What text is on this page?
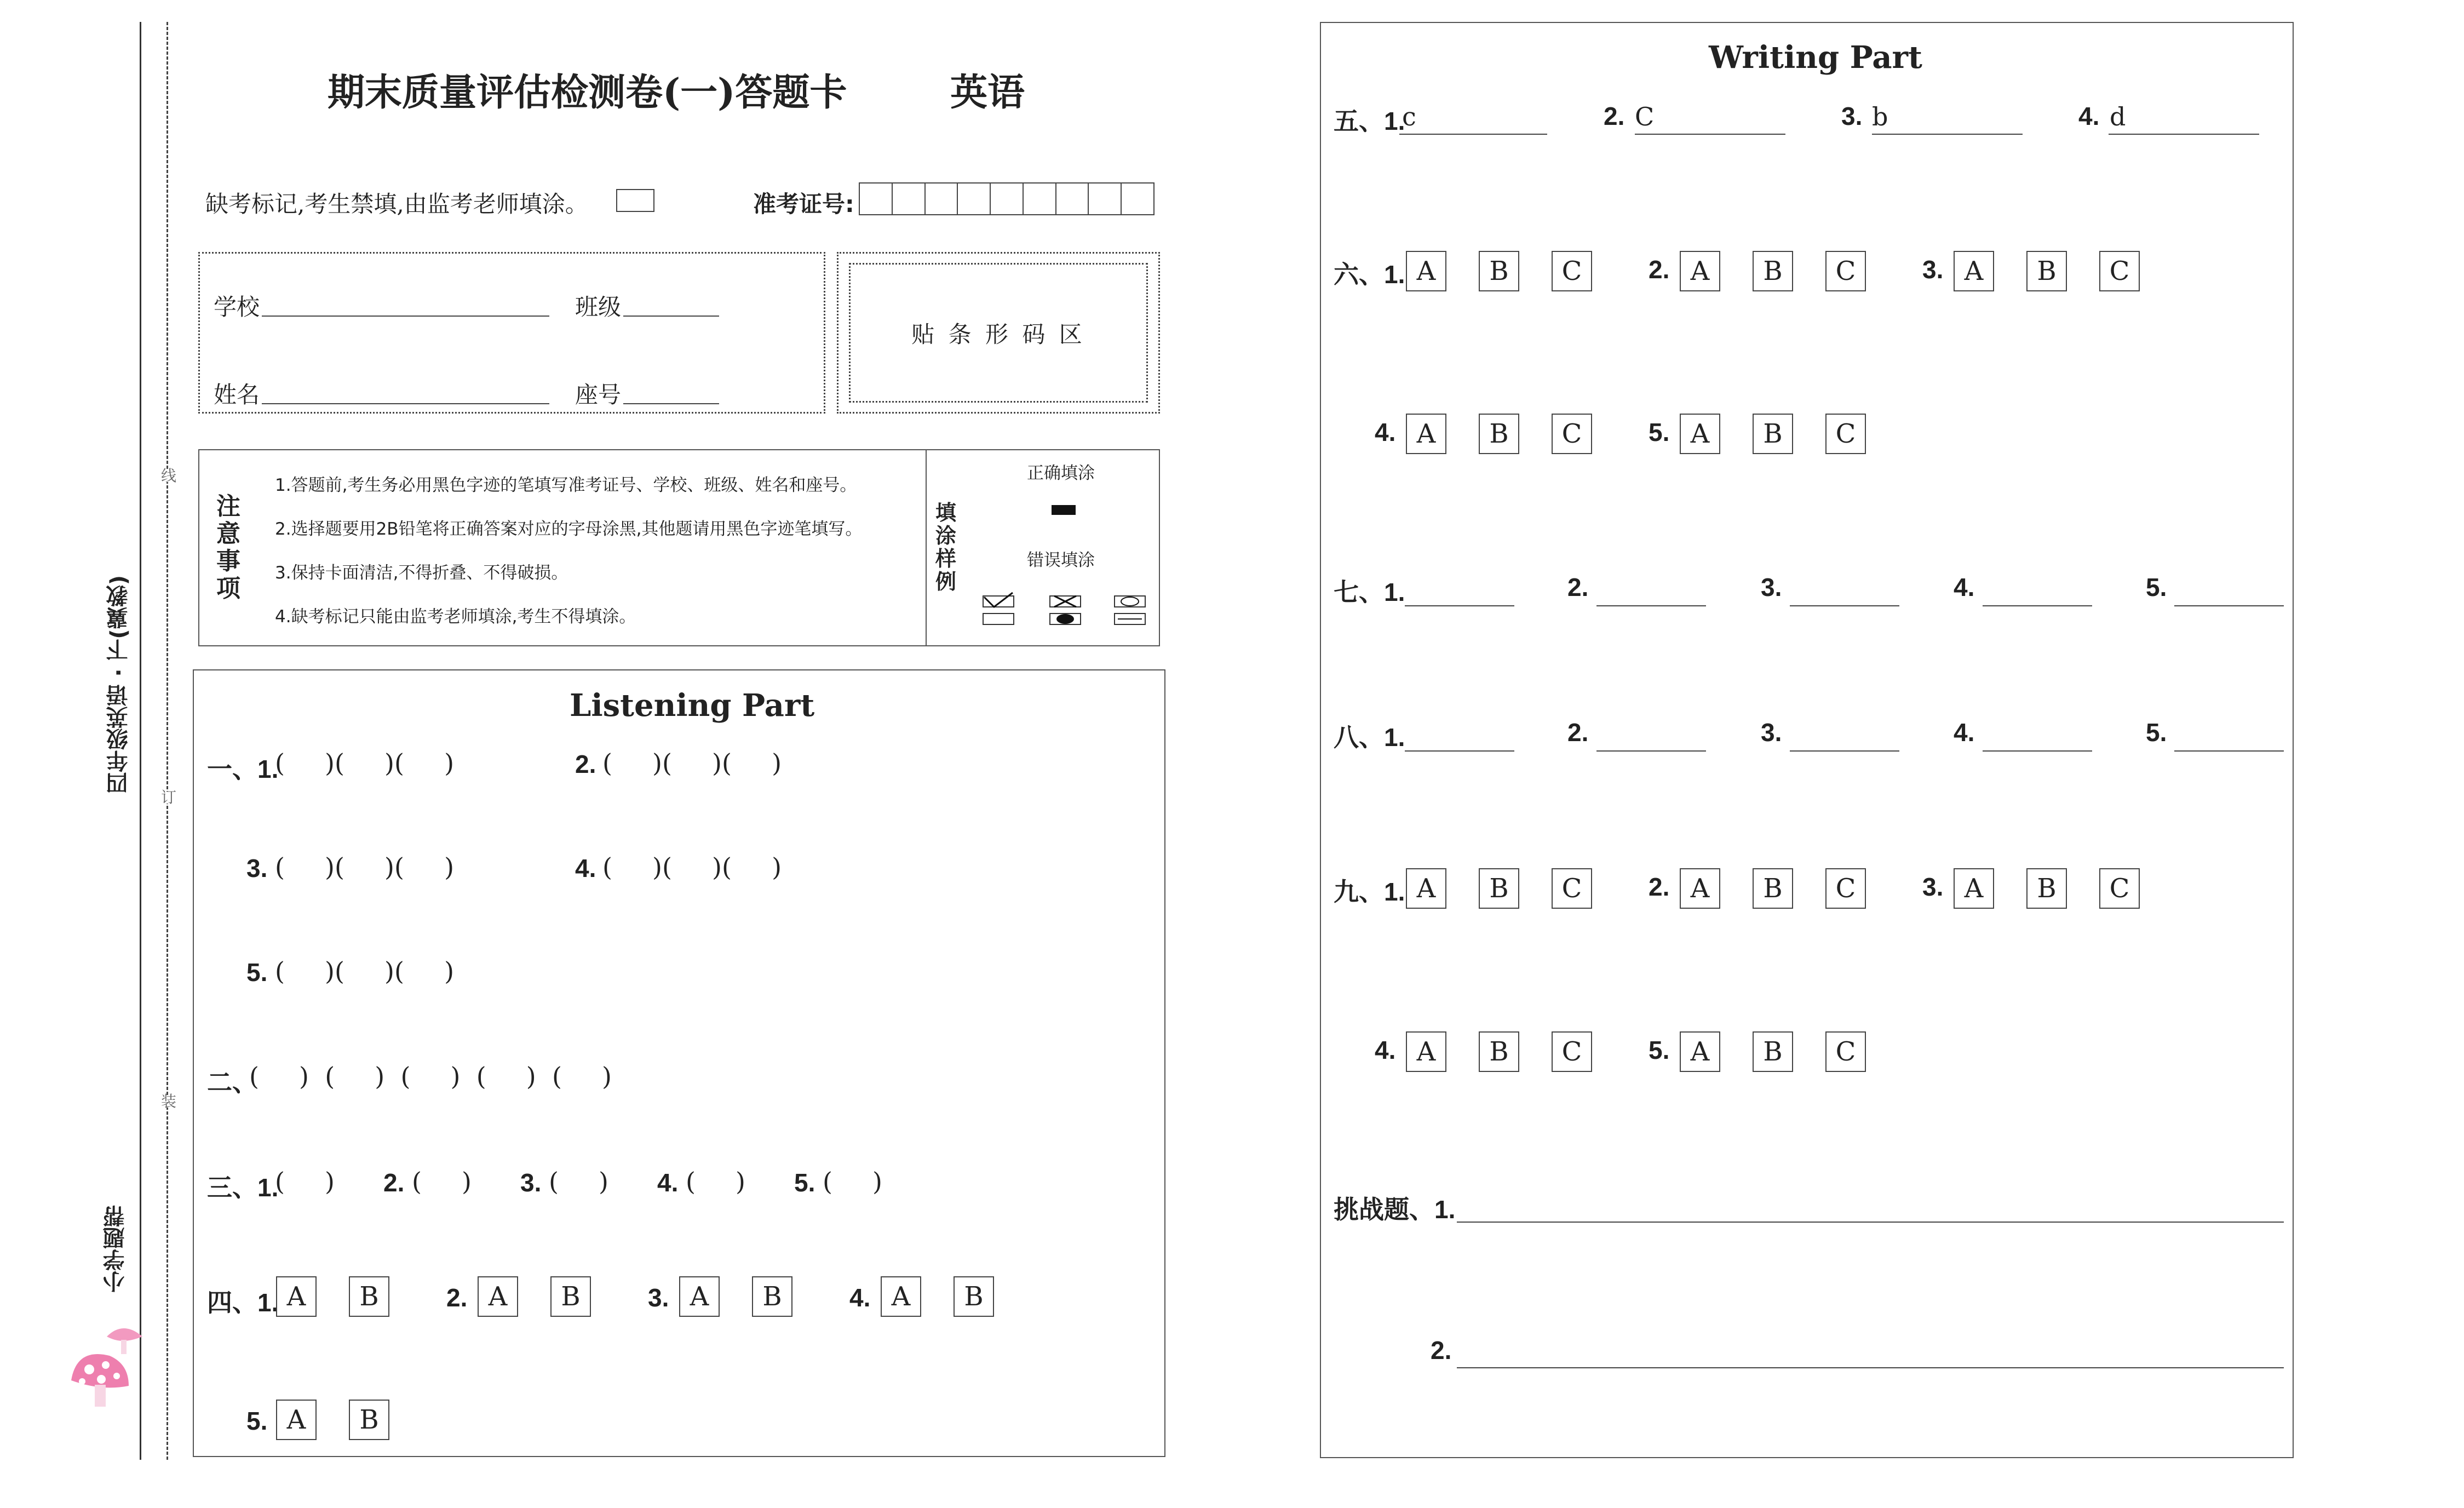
线
订
装
四年级英语 · 下(冀教)
小学题帮
期末质量评估检测卷(一)答题卡	英语
缺考标记,考生禁填,由监考老师填涂。	准考证号:
学校	班级
姓名	座号
贴 条 形 码 区
注意事项
1.答题前,考生务必用黑色字迹的笔填写准考证号、学校、班级、姓名和座号。
2.选择题要用2B铅笔将正确答案对应的字母涂黑,其他题请用黑色字迹笔填写。
3.保持卡面清洁,不得折叠、不得破损。
4.缺考标记只能由监考老师填涂,考生不得填涂。
填涂样例
正确填涂
错误填涂
Listening Part
一、1.
(     )(     )(     )	2. (     )(     )(     )
3. (     )(     )(     )	4. (     )(     )(     )
5. (     )(     )(     )
二、
(     )  (     )  (     )  (     )  (     )
三、1.
(     ) 2. (     ) 3. (     ) 4. (     ) 5. (     )
四、1. A	B	2. A	B	3. A	B	4. A	B
5. A	B
Writing Part
五、1.
c	2. C	3. b	4. d
六、1. A	B	C	2. A	B	C	3. A	B	C
4. A	B	C	5. A	B	C
七、1.	2.	3.	4.	5.
八、1.	2.	3.	4.	5.
九、1. A	B	C	2. A	B	C	3. A	B	C
4. A	B	C	5. A	B	C
挑战题、1.
2.
